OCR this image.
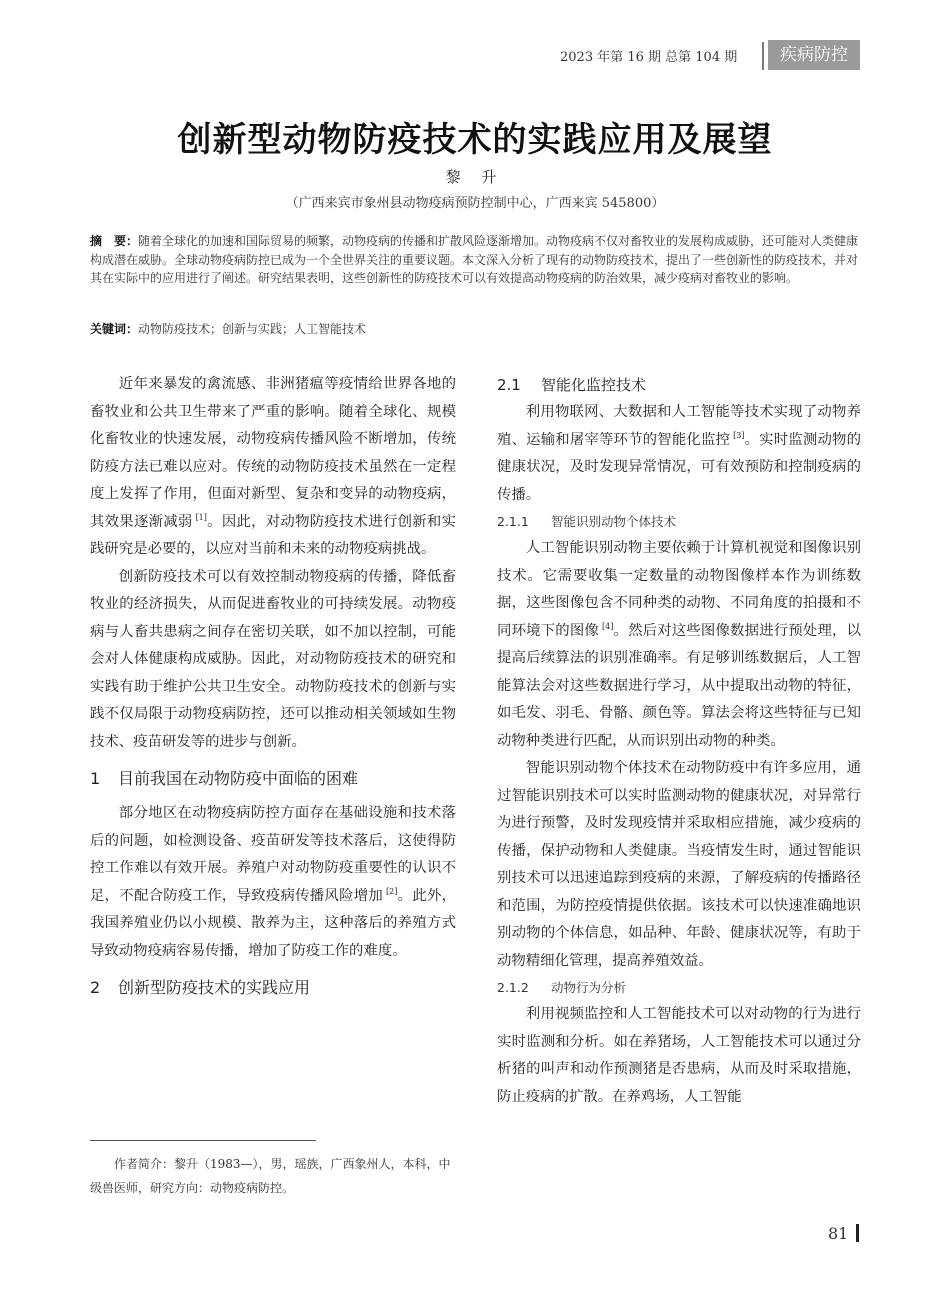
2023 年第 16 期 总第 104 期	疾病防控
创新型动物防疫技术的实践应用及展望
黎 升
（广西来宾市象州县动物疫病预防控制中心，广西来宾 545800）
摘　要：随着全球化的加速和国际贸易的频繁，动物疫病的传播和扩散风险逐渐增加。动物疫病不仅对畜牧业的发展构成威胁，还可能对人类健康构成潜在威胁。全球动物疫病防控已成为一个全世界关注的重要议题。本文深入分析了现有的动物防疫技术，提出了一些创新性的防疫技术，并对其在实际中的应用进行了阐述。研究结果表明，这些创新性的防疫技术可以有效提高动物疫病的防治效果，减少疫病对畜牧业的影响。
关键词：动物防疫技术；创新与实践；人工智能技术

近年来暴发的禽流感、非洲猪瘟等疫情给世界各地的畜牧业和公共卫生带来了严重的影响。随着全球化、规模化畜牧业的快速发展，动物疫病传播风险不断增加，传统防疫方法已难以应对。传统的动物防疫技术虽然在一定程度上发挥了作用，但面对新型、复杂和变异的动物疫病，其效果逐渐减弱 [1]。因此，对动物防疫技术进行创新和实践研究是必要的，以应对当前和未来的动物疫病挑战。

创新防疫技术可以有效控制动物疫病的传播，降低畜牧业的经济损失，从而促进畜牧业的可持续发展。动物疫病与人畜共患病之间存在密切关联，如不加以控制，可能会对人体健康构成威胁。因此，对动物防疫技术的研究和实践有助于维护公共卫生安全。动物防疫技术的创新与实践不仅局限于动物疫病防控，还可以推动相关领域如生物技术、疫苗研发等的进步与创新。

1 目前我国在动物防疫中面临的困难

部分地区在动物疫病防控方面存在基础设施和技术落后的问题，如检测设备、疫苗研发等技术落后，这使得防控工作难以有效开展。养殖户对动物防疫重要性的认识不足，不配合防疫工作，导致疫病传播风险增加 [2]。此外，我国养殖业仍以小规模、散养为主，这种落后的养殖方式导致动物疫病容易传播，增加了防疫工作的难度。

2 创新型防疫技术的实践应用
作者简介：黎升（1983—），男，瑶族，广西象州人，本科，中级兽医师，研究方向：动物疫病防控。
2.1 智能化监控技术

利用物联网、大数据和人工智能等技术实现了动物养殖、运输和屠宰等环节的智能化监控 [3]。实时监测动物的健康状况，及时发现异常情况，可有效预防和控制疫病的传播。

2.1.1 智能识别动物个体技术

人工智能识别动物主要依赖于计算机视觉和图像识别技术。它需要收集一定数量的动物图像样本作为训练数据，这些图像包含不同种类的动物、不同角度的拍摄和不同环境下的图像 [4]。然后对这些图像数据进行预处理，以提高后续算法的识别准确率。有足够训练数据后，人工智能算法会对这些数据进行学习，从中提取出动物的特征，如毛发、羽毛、骨骼、颜色等。算法会将这些特征与已知动物种类进行匹配，从而识别出动物的种类。

智能识别动物个体技术在动物防疫中有许多应用，通过智能识别技术可以实时监测动物的健康状况，对异常行为进行预警，及时发现疫情并采取相应措施，减少疫病的传播，保护动物和人类健康。当疫情发生时，通过智能识别技术可以迅速追踪到疫病的来源，了解疫病的传播路径和范围，为防控疫情提供依据。该技术可以快速准确地识别动物的个体信息，如品种、年龄、健康状况等，有助于动物精细化管理，提高养殖效益。

2.1.2 动物行为分析

利用视频监控和人工智能技术可以对动物的行为进行实时监测和分析。如在养猪场，人工智能技术可以通过分析猪的叫声和动作预测猪是否患病，从而及时采取措施，防止疫病的扩散。在养鸡场，人工智能

81
